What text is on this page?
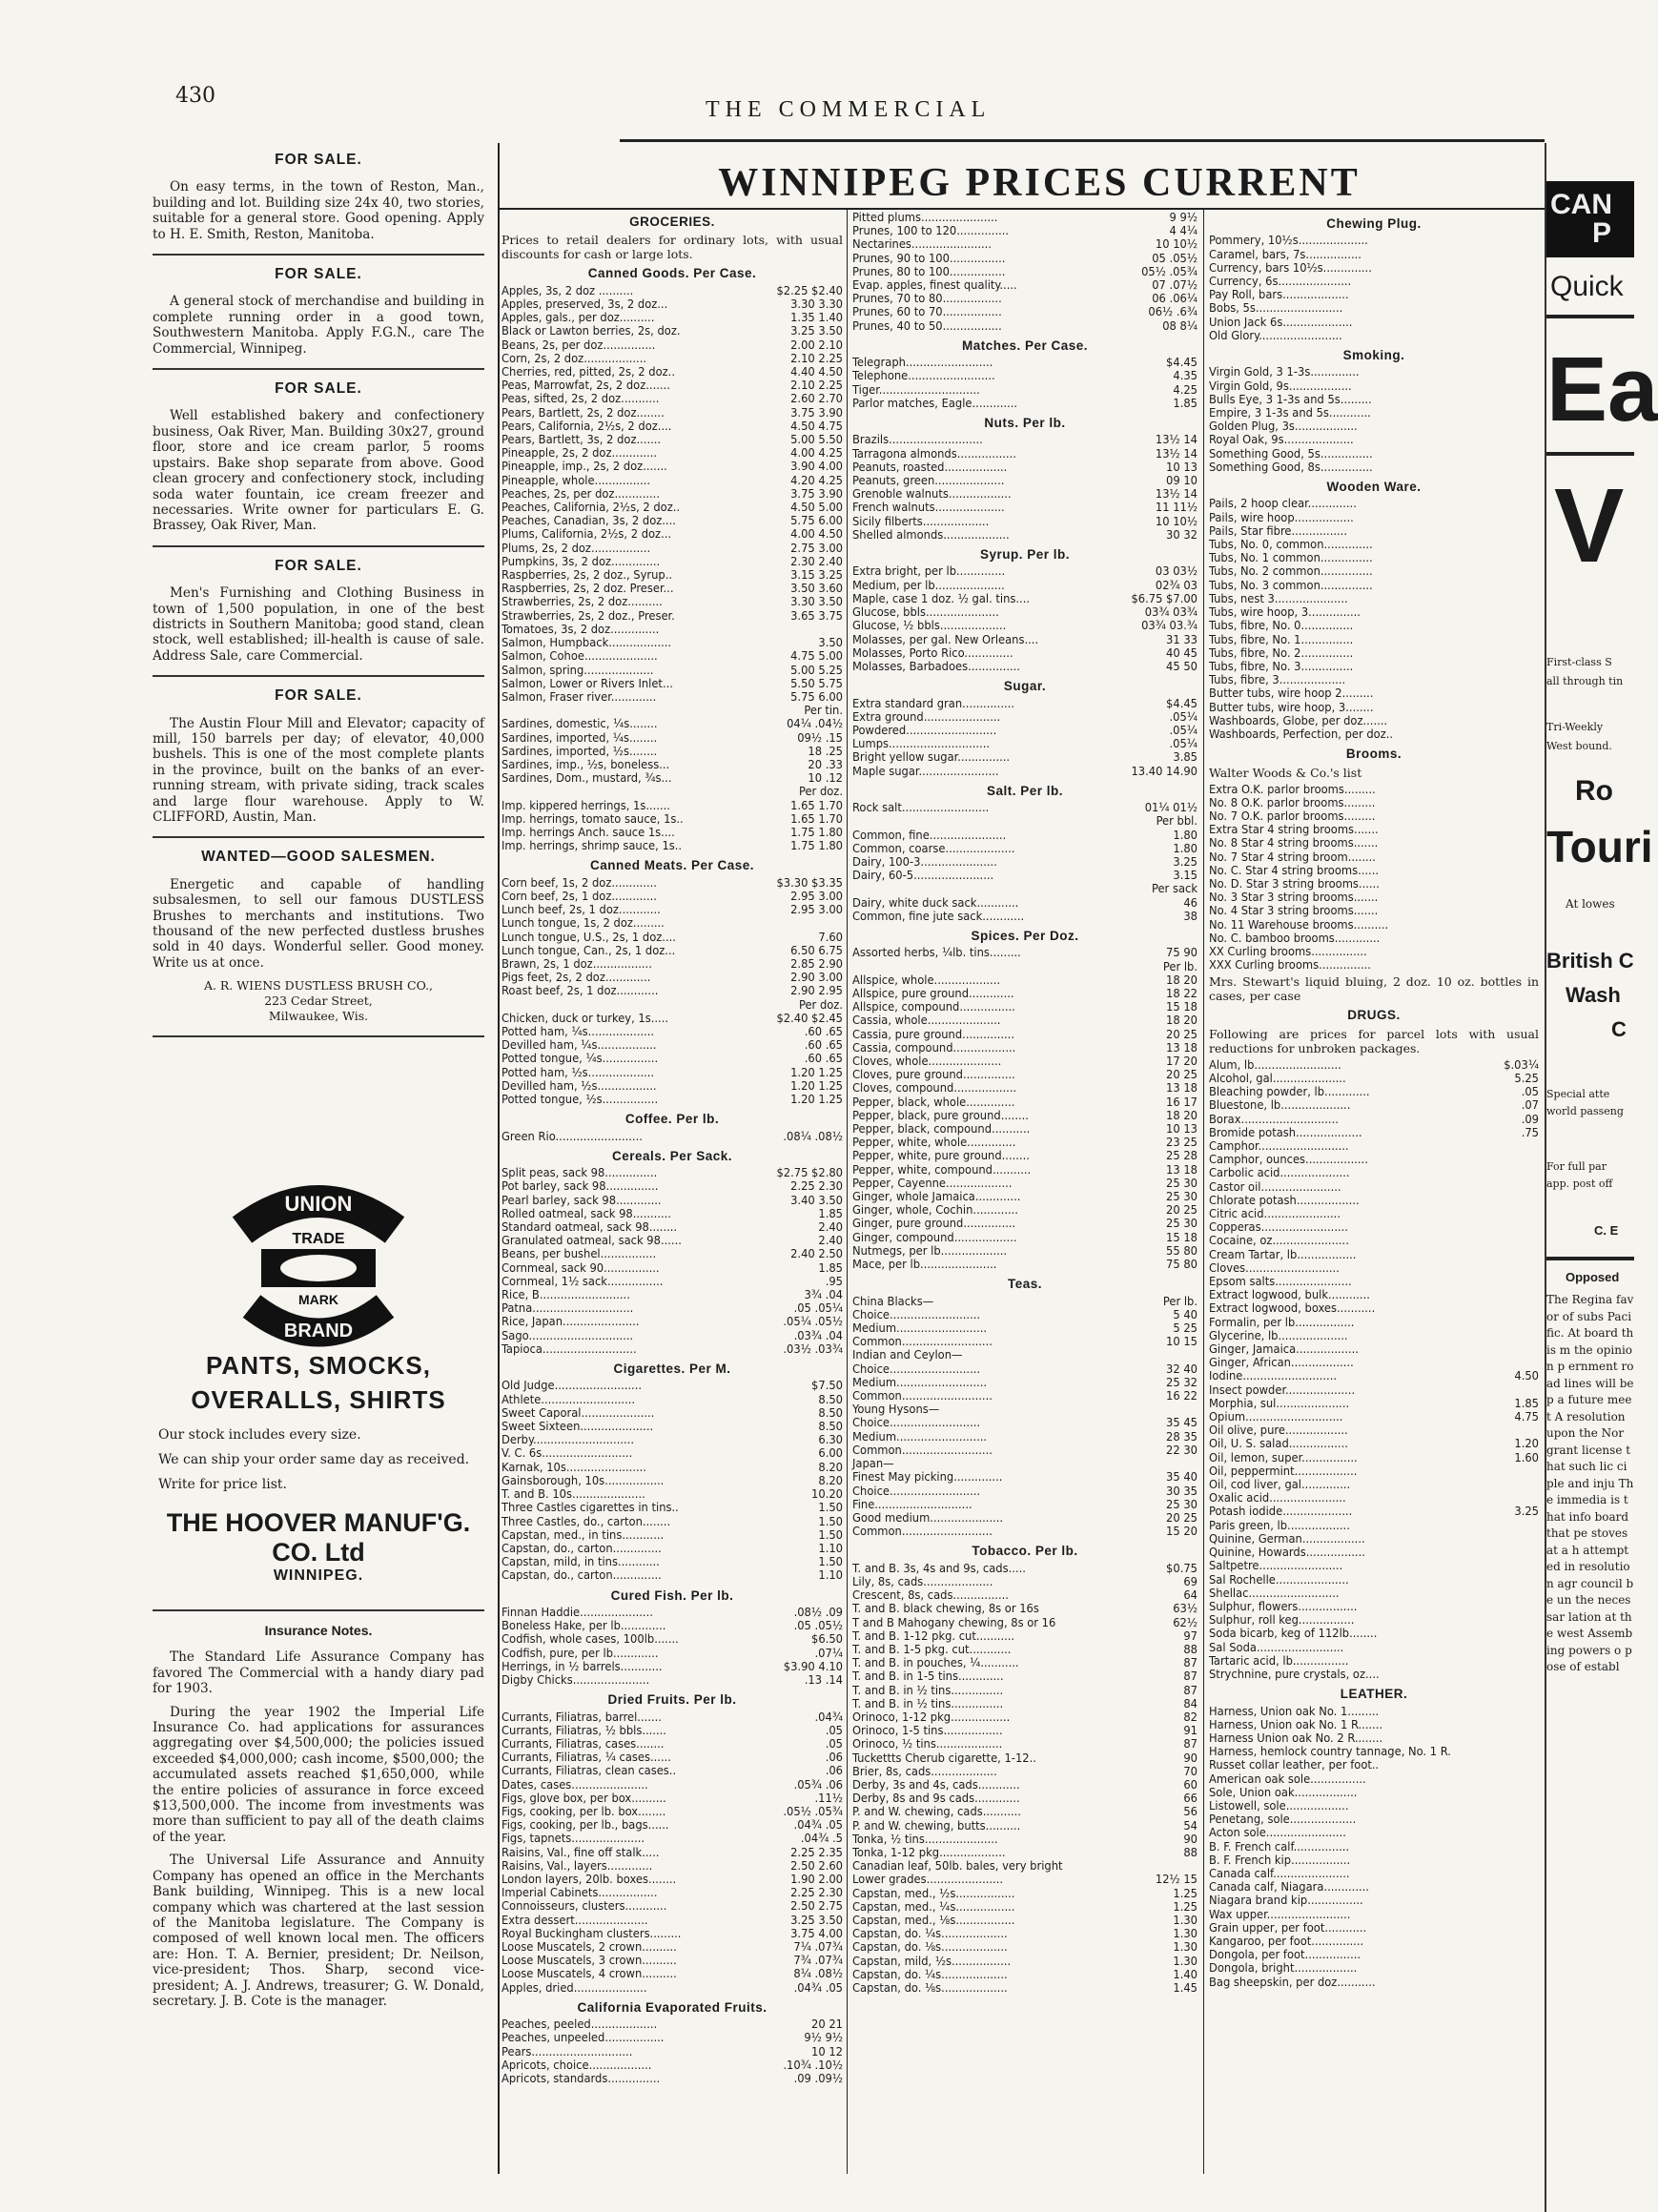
430
THE COMMERCIAL
FOR SALE.

On easy terms, in the town of Reston, Man., building and lot. Building size 24x 40, two stories, suitable for a general store. Good opening. Apply to H. E. Smith, Reston, Manitoba.

FOR SALE.

A general stock of merchandise and building in complete running order in a good town, Southwestern Manitoba. Apply F.G.N., care The Commercial, Winnipeg.

FOR SALE.

Well established bakery and confectionery business, Oak River, Man. Building 30x27, ground floor, store and ice cream parlor, 5 rooms upstairs. Bake shop separate from above. Good clean grocery and confectionery stock, including soda water fountain, ice cream freezer and necessaries. Write owner for particulars E. G. Brassey, Oak River, Man.

FOR SALE.

Men's Furnishing and Clothing Business in town of 1,500 population, in one of the best districts in Southern Manitoba; good stand, clean stock, well established; ill-health is cause of sale. Address Sale, care Commercial.

FOR SALE.

The Austin Flour Mill and Elevator; capacity of mill, 150 barrels per day; of elevator, 40,000 bushels. This is one of the most complete plants in the province, built on the banks of an ever-running stream, with private siding, track scales and large flour warehouse. Apply to W. CLIFFORD, Austin, Man.

WANTED—GOOD SALESMEN.

Energetic and capable of handling subsalesmen, to sell our famous DUSTLESS Brushes to merchants and institutions. Two thousand of the new perfected dustless brushes sold in 40 days. Wonderful seller. Good money. Write us at once.

A. R. WIENS DUSTLESS BRUSH CO.,
223 Cedar Street,
Milwaukee, Wis.
UNION
TRADE
MARK
BRAND
PANTS, SMOCKS,
OVERALLS, SHIRTS
Our stock includes every size.
We can ship your order same day as received.
Write for price list.
THE HOOVER MANUF'G. CO. Ltd
WINNIPEG.
Insurance Notes.

The Standard Life Assurance Company has favored The Commercial with a handy diary pad for 1903.

During the year 1902 the Imperial Life Insurance Co. had applications for assurances aggregating over $4,500,000; the policies issued exceeded $4,000,000; cash income, $500,000; the accumulated assets reached $1,650,000, while the entire policies of assurance in force exceed $13,500,000. The income from investments was more than sufficient to pay all of the death claims of the year.

The Universal Life Assurance and Annuity Company has opened an office in the Merchants Bank building, Winnipeg. This is a new local company which was chartered at the last session of the Manitoba legislature. The Company is composed of well known local men. The officers are: Hon. T. A. Bernier, president; Dr. Neilson, vice-president; Thos. Sharp, second vice-president; A. J. Andrews, treasurer; G. W. Donald, secretary. J. B. Cote is the manager.

WINNIPEG PRICES CURRENT
GROCERIES.
Prices to retail dealers for ordinary lots, with usual discounts for cash or large lots.
Canned Goods. Per Case.
Apples, 3s, 2 doz ..........	$2.25 $2.40
Apples, preserved, 3s, 2 doz...	3.30 3.30
Apples, gals., per doz..........	1.35 1.40
Black or Lawton berries, 2s, doz.	3.25 3.50
Beans, 2s, per doz...............	2.00 2.10
Corn, 2s, 2 doz..................	2.10 2.25
Cherries, red, pitted, 2s, 2 doz..	4.40 4.50
Peas, Marrowfat, 2s, 2 doz.......	2.10 2.25
Peas, sifted, 2s, 2 doz...........	2.60 2.70
Pears, Bartlett, 2s, 2 doz........	3.75 3.90
Pears, California, 2½s, 2 doz....	4.50 4.75
Pears, Bartlett, 3s, 2 doz.......	5.00 5.50
Pineapple, 2s, 2 doz.............	4.00 4.25
Pineapple, imp., 2s, 2 doz.......	3.90 4.00
Pineapple, whole................	4.20 4.25
Peaches, 2s, per doz.............	3.75 3.90
Peaches, California, 2½s, 2 doz..	4.50 5.00
Peaches, Canadian, 3s, 2 doz....	5.75 6.00
Plums, California, 2½s, 2 doz...	4.00 4.50
Plums, 2s, 2 doz.................	2.75 3.00
Pumpkins, 3s, 2 doz..............	2.30 2.40
Raspberries, 2s, 2 doz., Syrup..	3.15 3.25
Raspberries, 2s, 2 doz. Preser...	3.50 3.60
Strawberries, 2s, 2 doz..........	3.30 3.50
Strawberries, 2s, 2 doz., Preser.	3.65 3.75
Tomatoes, 3s, 2 doz..............
Salmon, Humpback..................	3.50
Salmon, Cohoe.....................	4.75 5.00
Salmon, spring....................	5.00 5.25
Salmon, Lower or Rivers Inlet...	5.50 5.75
Salmon, Fraser river.............	5.75 6.00
Per tin.
Sardines, domestic, ¼s........	04¼ .04½
Sardines, imported, ¼s........	09½ .15
Sardines, imported, ½s........	18 .25
Sardines, imp., ½s, boneless...	20 .33
Sardines, Dom., mustard, ¾s...	10 .12
Per doz.
Imp. kippered herrings, 1s.......	1.65 1.70
Imp. herrings, tomato sauce, 1s..	1.65 1.70
Imp. herrings Anch. sauce 1s....	1.75 1.80
Imp. herrings, shrimp sauce, 1s..	1.75 1.80
Canned Meats. Per Case.
Corn beef, 1s, 2 doz.............	$3.30 $3.35
Corn beef, 2s, 1 doz.............	2.95 3.00
Lunch beef, 2s, 1 doz............	2.95 3.00
Lunch tongue, 1s, 2 doz.........
Lunch tongue, U.S., 2s, 1 doz....	7.60
Lunch tongue, Can., 2s, 1 doz...	6.50 6.75
Brawn, 2s, 1 doz.................	2.85 2.90
Pigs feet, 2s, 2 doz.............	2.90 3.00
Roast beef, 2s, 1 doz............	2.90 2.95
Per doz.
Chicken, duck or turkey, 1s.....	$2.40 $2.45
Potted ham, ¼s...................	.60 .65
Devilled ham, ¼s.................	.60 .65
Potted tongue, ¼s................	.60 .65
Potted ham, ½s...................	1.20 1.25
Devilled ham, ½s.................	1.20 1.25
Potted tongue, ½s................	1.20 1.25
Coffee. Per lb.
Green Rio.........................	.08¼ .08½
Cereals. Per Sack.
Split peas, sack 98...............	$2.75 $2.80
Pot barley, sack 98...............	2.25 2.30
Pearl barley, sack 98.............	3.40 3.50
Rolled oatmeal, sack 98...........	1.85
Standard oatmeal, sack 98........	2.40
Granulated oatmeal, sack 98......	2.40
Beans, per bushel................	2.40 2.50
Cornmeal, sack 90................	1.85
Cornmeal, 1½ sack................	.95
Rice, B..........................	3¾ .04
Patna.............................	.05 .05¼
Rice, Japan......................	.05¼ .05½
Sago..............................	.03¾ .04
Tapioca...........................	.03½ .03¾
Cigarettes. Per M.
Old Judge.........................	$7.50
Athlete...........................	8.50
Sweet Caporal.....................	8.50
Sweet Sixteen.....................	8.50
Derby.............................	6.30
V. C. 6s..........................	6.00
Karnak, 10s.......................	8.20
Gainsborough, 10s.................	8.20
T. and B. 10s.....................	10.20
Three Castles cigarettes in tins..	1.50
Three Castles, do., carton........	1.50
Capstan, med., in tins............	1.50
Capstan, do., carton..............	1.10
Capstan, mild, in tins............	1.50
Capstan, do., carton..............	1.10
Cured Fish. Per lb.
Finnan Haddie.....................	.08½ .09
Boneless Hake, per lb.............	.05 .05½
Codfish, whole cases, 100lb.......	$6.50
Codfish, pure, per lb.............	.07¼
Herrings, in ½ barrels............	$3.90 4.10
Digby Chicks......................	.13 .14
Dried Fruits. Per lb.
Currants, Filiatras, barrel.......	.04¾
Currants, Filiatras, ½ bbls.......	.05
Currants, Filiatras, cases........	.05
Currants, Filiatras, ¼ cases......	.06
Currants, Filiatras, clean cases..	.06
Dates, cases......................	.05¾ .06
Figs, glove box, per box..........	.11½
Figs, cooking, per lb. box........	.05½ .05¾
Figs, cooking, per lb., bags......	.04¾ .05
Figs, tapnets.....................	.04¾ .5
Raisins, Val., fine off stalk.....	2.25 2.35
Raisins, Val., layers.............	2.50 2.60
London layers, 20lb. boxes........	1.90 2.00
Imperial Cabinets.................	2.25 2.30
Connoisseurs, clusters............	2.50 2.75
Extra dessert.....................	3.25 3.50
Royal Buckingham clusters.........	3.75 4.00
Loose Muscatels, 2 crown..........	7¼ .07¾
Loose Muscatels, 3 crown..........	7¾ .07¾
Loose Muscatels, 4 crown..........	8¼ .08½
Apples, dried.....................	.04¾ .05
California Evaporated Fruits.
Peaches, peeled...................	20 21
Peaches, unpeeled.................	9½ 9½
Pears.............................	10 12
Apricots, choice..................	.10¾ .10½
Apricots, standards...............	.09 .09½
Pitted plums......................	9 9½
Prunes, 100 to 120...............	4 4¼
Nectarines.......................	10 10½
Prunes, 90 to 100................	05 .05½
Prunes, 80 to 100................	05½ .05¾
Evap. apples, finest quality.....	07 .07½
Prunes, 70 to 80.................	06 .06¼
Prunes, 60 to 70.................	06½ .6¾
Prunes, 40 to 50.................	08 8¼
Matches. Per Case.
Telegraph.........................	$4.45
Telephone.........................	4.35
Tiger.............................	4.25
Parlor matches, Eagle.............	1.85
Nuts. Per lb.
Brazils...........................	13½ 14
Tarragona almonds.................	13½ 14
Peanuts, roasted..................	10 13
Peanuts, green....................	09 10
Grenoble walnuts..................	13½ 14
French walnuts....................	11 11½
Sicily filberts...................	10 10½
Shelled almonds...................	30 32
Syrup. Per lb.
Extra bright, per lb..............	03 03½
Medium, per lb....................	02¾ 03
Maple, case 1 doz. ½ gal. tins....	$6.75 $7.00
Glucose, bbls.....................	03¾ 03¾
Glucose, ½ bbls...................	03¾ 03.¾
Molasses, per gal. New Orleans....	31 33
Molasses, Porto Rico..............	40 45
Molasses, Barbadoes...............	45 50
Sugar.
Extra standard gran...............	$4.45
Extra ground......................	.05¼
Powdered..........................	.05¼
Lumps.............................	.05¼
Bright yellow sugar...............	3.85
Maple sugar.......................	13.40 14.90
Salt. Per lb.
Rock salt.........................	01¼ 01½
Per bbl.
Common, fine......................	1.80
Common, coarse....................	1.80
Dairy, 100-3......................	3.25
Dairy, 60-5.......................	3.15
Per sack
Dairy, white duck sack............	46
Common, fine jute sack............	38
Spices. Per Doz.
Assorted herbs, ¼lb. tins.........	75 90
Per lb.
Allspice, whole...................	18 20
Allspice, pure ground.............	18 22
Allspice, compound................	15 18
Cassia, whole.....................	18 20
Cassia, pure ground...............	20 25
Cassia, compound..................	13 18
Cloves, whole.....................	17 20
Cloves, pure ground...............	20 25
Cloves, compound..................	13 18
Pepper, black, whole..............	16 17
Pepper, black, pure ground........	18 20
Pepper, black, compound...........	10 13
Pepper, white, whole..............	23 25
Pepper, white, pure ground........	25 28
Pepper, white, compound...........	13 18
Pepper, Cayenne...................	25 30
Ginger, whole Jamaica.............	25 30
Ginger, whole, Cochin.............	20 25
Ginger, pure ground...............	25 30
Ginger, compound..................	15 18
Nutmegs, per lb...................	55 80
Mace, per lb......................	75 80
Teas.
China Blacks—	Per lb.
Choice..........................	5 40
Medium..........................	5 25
Common..........................	10 15
Indian and Ceylon—
Choice..........................	32 40
Medium..........................	25 32
Common..........................	16 22
Young Hysons—
Choice..........................	35 45
Medium..........................	28 35
Common..........................	22 30
Japan—
Finest May picking..............	35 40
Choice..........................	30 35
Fine............................	25 30
Good medium.....................	20 25
Common..........................	15 20
Tobacco. Per lb.
T. and B. 3s, 4s and 9s, cads.....	$0.75
Lily, 8s, cads....................	69
Crescent, 8s, cads................	64
T. and B. black chewing, 8s or 16s	63½
T and B Mahogany chewing, 8s or 16	62½
T. and B. 1-12 pkg. cut...........	97
T. and B. 1-5 pkg. cut............	88
T. and B. in pouches, ¼...........	87
T. and B. in 1-5 tins.............	87
T. and B. in ½ tins...............	87
T. and B. in ½ tins...............	84
Orinoco, 1-12 pkg.................	82
Orinoco, 1-5 tins.................	91
Orinoco, ½ tins...................	87
Tuckettts Cherub cigarette, 1-12..	90
Brier, 8s, cads...................	70
Derby, 3s and 4s, cads............	60
Derby, 8s and 9s cads.............	66
P. and W. chewing, cads...........	56
P. and W. chewing, butts..........	54
Tonka, ½ tins.....................	90
Tonka, 1-12 pkg...................	88
Canadian leaf, 50lb. bales, very bright
Lower grades......................	12½ 15
Capstan, med., ½s.................	1.25
Capstan, med., ¼s.................	1.25
Capstan, med., ⅛s.................	1.30
Capstan, do. ¼s...................	1.30
Capstan, do. ⅛s...................	1.30
Capstan, mild, ½s.................	1.30
Capstan, do. ¼s...................	1.40
Capstan, do. ⅛s...................	1.45
Chewing Plug.
Pommery, 10½s....................
Caramel, bars, 7s................
Currency, bars 10½s..............
Currency, 6s.....................
Pay Roll, bars...................
Bobs, 5s.........................
Union Jack 6s....................
Old Glory........................
Smoking.
Virgin Gold, 3 1-3s..............
Virgin Gold, 9s..................
Bulls Eye, 3 1-3s and 5s.........
Empire, 3 1-3s and 5s............
Golden Plug, 3s..................
Royal Oak, 9s....................
Something Good, 5s...............
Something Good, 8s...............
Wooden Ware.
Pails, 2 hoop clear..............
Pails, wire hoop.................
Pails, Star fibre................
Tubs, No. 0, common..............
Tubs, No. 1 common...............
Tubs, No. 2 common...............
Tubs, No. 3 common...............
Tubs, nest 3.....................
Tubs, wire hoop, 3...............
Tubs, fibre, No. 0...............
Tubs, fibre, No. 1...............
Tubs, fibre, No. 2...............
Tubs, fibre, No. 3...............
Tubs, fibre, 3...................
Butter tubs, wire hoop 2.........
Butter tubs, wire hoop, 3........
Washboards, Globe, per doz.......
Washboards, Perfection, per doz..
Brooms.
Walter Woods & Co.'s list
Extra O.K. parlor brooms.........
No. 8 O.K. parlor brooms.........
No. 7 O.K. parlor brooms.........
Extra Star 4 string brooms.......
No. 8 Star 4 string brooms.......
No. 7 Star 4 string broom........
No. C. Star 4 string brooms......
No. D. Star 3 string brooms......
No. 3 Star 3 string brooms.......
No. 4 Star 3 string brooms.......
No. 11 Warehouse brooms..........
No. C. bamboo brooms.............
XX Curling brooms................
XXX Curling brooms...............
Mrs. Stewart's liquid bluing, 2 doz. 10 oz. bottles in cases, per case
DRUGS.
Following are prices for parcel lots with usual reductions for unbroken packages.
Alum, lb.........................	$.03¼
Alcohol, gal.....................	5.25
Bleaching powder, lb.............	.05
Bluestone, lb....................	.07
Borax............................	.09
Bromide potash...................	.75
Camphor..........................
Camphor, ounces..................
Carbolic acid....................
Castor oil.......................
Chlorate potash..................
Citric acid......................
Copperas.........................
Cocaine, oz......................
Cream Tartar, lb.................
Cloves...........................
Epsom salts......................
Extract logwood, bulk............
Extract logwood, boxes...........
Formalin, per lb.................
Glycerine, lb....................
Ginger, Jamaica..................
Ginger, African..................
Iodine...........................	4.50
Insect powder....................
Morphia, sul.....................	1.85
Opium............................	4.75
Oil olive, pure..................
Oil, U. S. salad.................	1.20
Oil, lemon, super................	1.60
Oil, peppermint..................
Oil, cod liver, gal..............
Oxalic acid......................
Potash iodide....................	3.25
Paris green, lb..................
Quinine, German..................
Quinine, Howards.................
Saltpetre........................
Sal Rochelle.....................
Shellac..........................
Sulphur, flowers.................
Sulphur, roll keg................
Soda bicarb, keg of 112lb........
Sal Soda.........................
Tartaric acid, lb................
Strychnine, pure crystals, oz....
LEATHER.
Harness, Union oak No. 1.........
Harness, Union oak No. 1 R.......
Harness Union oak No. 2 R........
Harness, hemlock country tannage, No. 1 R.
Russet collar leather, per foot..
American oak sole................
Sole, Union oak..................
Listowell, sole..................
Penetang, sole...................
Acton sole.......................
B. F. French calf................
B. F. French kip.................
Canada calf......................
Canada calf, Niagara.............
Niagara brand kip................
Wax upper........................
Grain upper, per foot............
Kangaroo, per foot...............
Dongola, per foot................
Dongola, bright..................
Bag sheepskin, per doz...........
CAN
P
Quick
Ea
V
First-class S
all through tin
Tri-Weekly
West bound.
Ro
Touri
At lowes
British C
Wash
C
Special atte
world passeng
For full par
app. post off
C. E
Opposed
The Regina favor of subs Pacific. At board this m the opinion p ernment road lines will be p a future meet A resolution upon the Nor grant license that such lic ciple and inju The immedia is that info board that pe stoves at a h attempted in resolution agr council be un the necessar lation at the west Assemb ing powers o pose of establ
